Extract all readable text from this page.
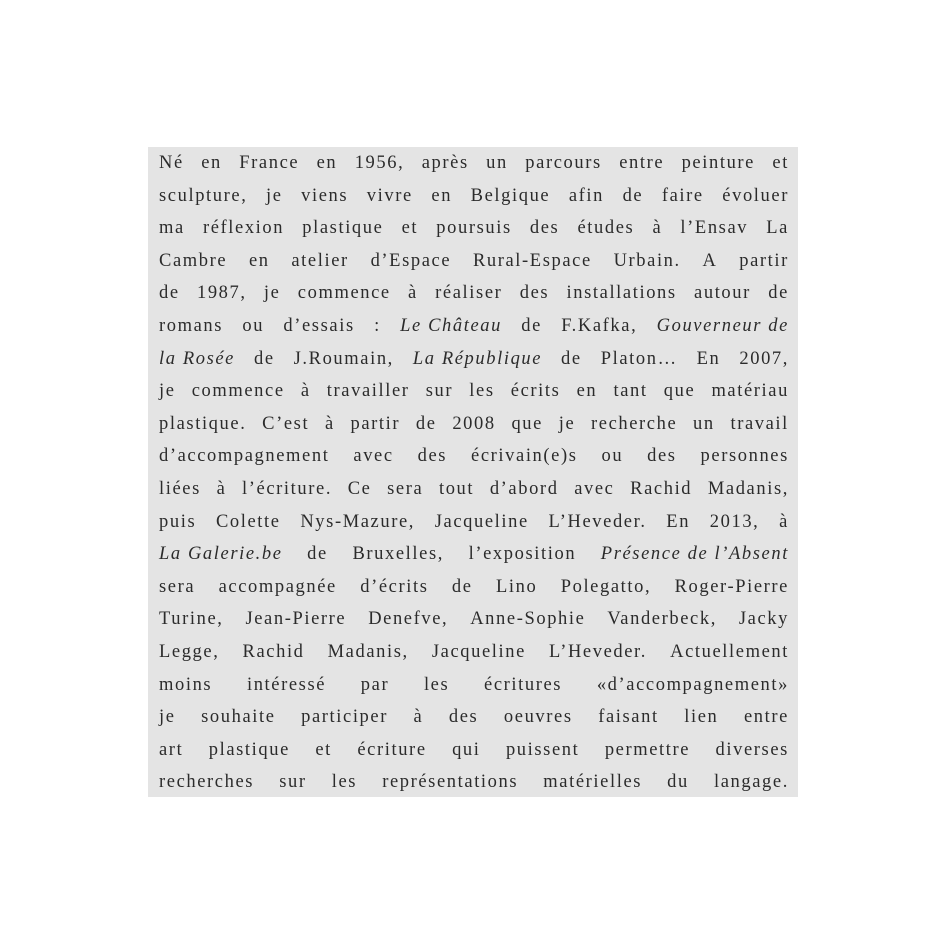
Né en France en 1956, après un parcours entre peinture et
sculpture, je viens vivre en Belgique afin de faire évoluer
ma réflexion plastique et poursuis des études à l’Ensav La
Cambre en atelier d’Espace Rural-Espace Urbain. A partir
de 1987, je commence à réaliser des installations autour de
romans ou d’essais : Le Château de F.Kafka, Gouverneur de
la Rosée de J.Roumain, La République de Platon… En 2007,
je commence à travailler sur les écrits en tant que matériau
plastique. C’est à partir de 2008 que je recherche un travail
d’accompagnement avec des écrivain(e)s ou des personnes
liées à l’écriture. Ce sera tout d’abord avec Rachid Madanis,
puis Colette Nys-Mazure, Jacqueline L’Heveder. En 2013, à
La Galerie.be de Bruxelles, l’exposition Présence de l’Absent
sera accompagnée d’écrits de Lino Polegatto, Roger-Pierre
Turine, Jean-Pierre Denefve, Anne-Sophie Vanderbeck, Jacky
Legge, Rachid Madanis, Jacqueline L’Heveder. Actuellement
moins intéressé par les écritures «d’accompagnement»
je souhaite participer à des oeuvres faisant lien entre
art plastique et écriture qui puissent permettre diverses
recherches sur les représentations matérielles du langage.
